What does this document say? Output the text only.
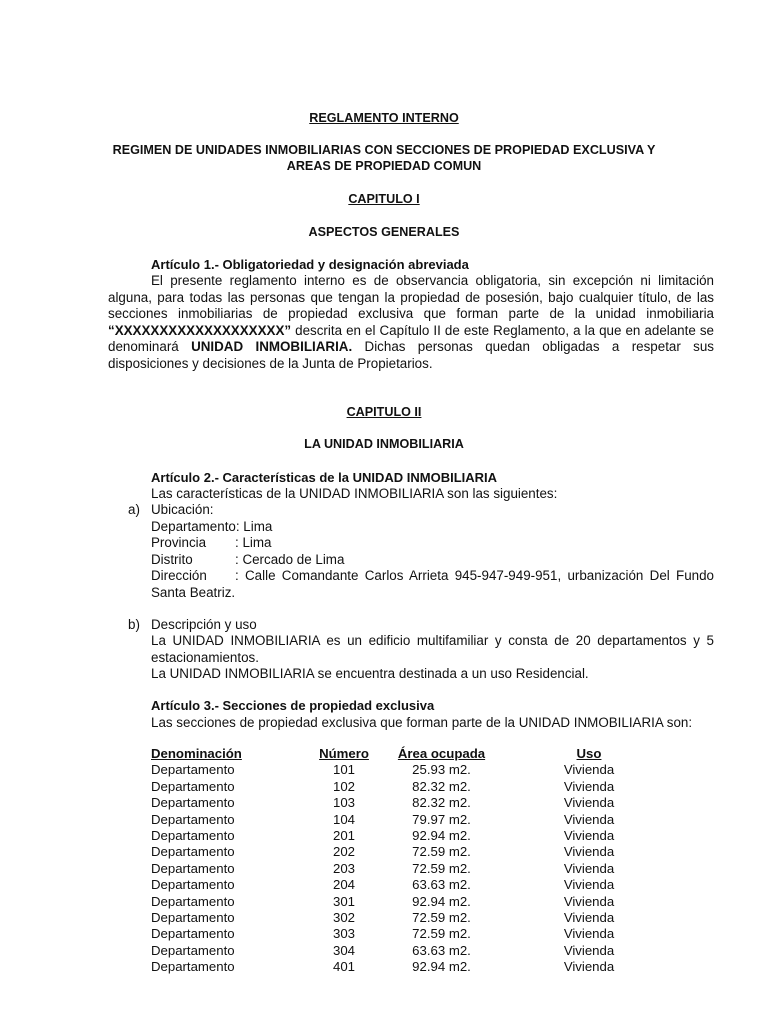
REGLAMENTO INTERNO
REGIMEN DE UNIDADES INMOBILIARIAS CON SECCIONES DE PROPIEDAD EXCLUSIVA Y
AREAS DE PROPIEDAD COMUN
CAPITULO I
ASPECTOS GENERALES
Artículo 1.- Obligatoriedad y designación abreviada

El presente reglamento interno es de observancia obligatoria, sin excepción ni limitación alguna, para todas las personas que tengan la propiedad de posesión, bajo cualquier título, de las secciones inmobiliarias de propiedad exclusiva que forman parte de la unidad inmobiliaria “XXXXXXXXXXXXXXXXXXX” descrita en el Capítulo II de este Reglamento, a la que en adelante se denominará UNIDAD INMOBILIARIA. Dichas personas quedan obligadas a respetar sus disposiciones y decisiones de la Junta de Propietarios.

CAPITULO II
LA UNIDAD INMOBILIARIA
Artículo 2.- Características de la UNIDAD INMOBILIARIA
Las características de la UNIDAD INMOBILIARIA son las siguientes:
a) Ubicación:
Departamento: Lima
Provincia : Lima
Distrito	: Cercado de Lima

Dirección : Calle Comandante Carlos Arrieta 945-947-949-951, urbanización Del Fundo Santa Beatriz.

b) Descripción y uso

La UNIDAD INMOBILIARIA es un edificio multifamiliar y consta de 20 departamentos y 5 estacionamientos.

La UNIDAD INMOBILIARIA se encuentra destinada a un uso Residencial.
Artículo 3.- Secciones de propiedad exclusiva
Las secciones de propiedad exclusiva que forman parte de la UNIDAD INMOBILIARIA son:
Denominación	Número	Área ocupada	Uso
Departamento	101	25.93 m2.	Vivienda
Departamento	102	82.32 m2.	Vivienda
Departamento	103	82.32 m2.	Vivienda
Departamento	104	79.97 m2.	Vivienda
Departamento	201	92.94 m2.	Vivienda
Departamento	202	72.59 m2.	Vivienda
Departamento	203	72.59 m2.	Vivienda
Departamento	204	63.63 m2.	Vivienda
Departamento	301	92.94 m2.	Vivienda
Departamento	302	72.59 m2.	Vivienda
Departamento	303	72.59 m2.	Vivienda
Departamento	304	63.63 m2.	Vivienda
Departamento	401	92.94 m2.	Vivienda
